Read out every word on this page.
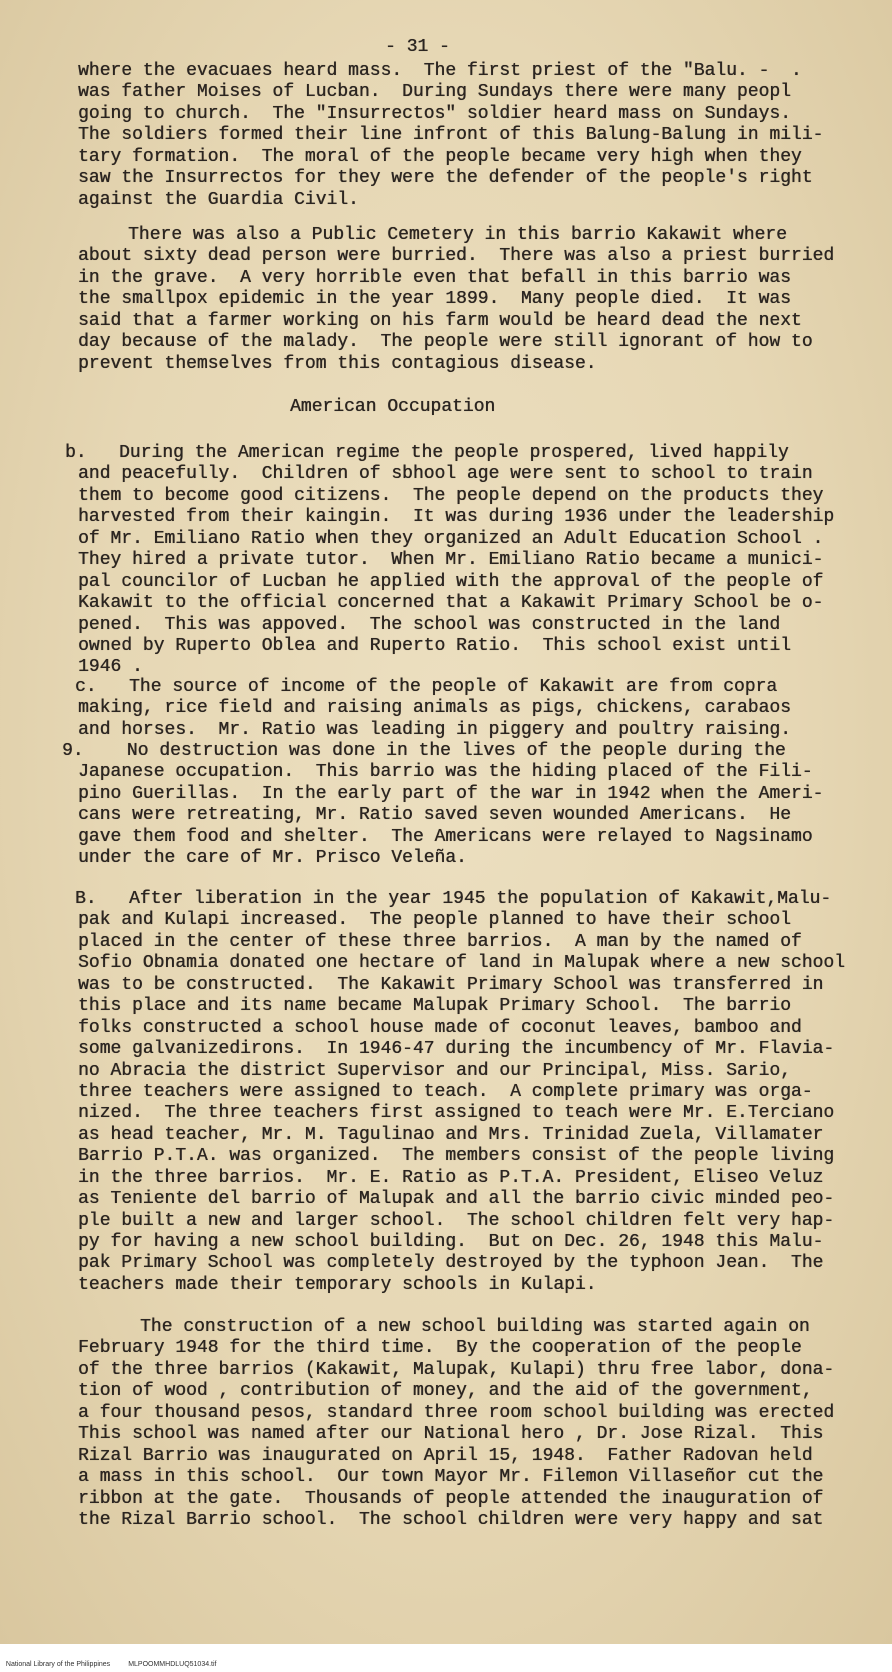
- 31 -
where the evacuaes heard mass.  The first priest of the "Balu. -  .
was father Moises of Lucban.  During Sundays there were many peopl
going to church.  The "Insurrectos" soldier heard mass on Sundays.
The soldiers formed their line infront of this Balung-Balung in mili-
tary formation.  The moral of the people became very high when they
saw the Insurrectos for they were the defender of the people's right
against the Guardia Civil.
There was also a Public Cemetery in this barrio Kakawit where
about sixty dead person were burried.  There was also a priest burried
in the grave.  A very horrible even that befall in this barrio was
the smallpox epidemic in the year 1899.  Many people died.  It was
said that a farmer working on his farm would be heard dead the next
day because of the malady.  The people were still ignorant of how to
prevent themselves from this contagious disease.
American Occupation
b.   During the American regime the people prospered, lived happily
and peacefully.  Children of sbhool age were sent to school to train
them to become good citizens.  The people depend on the products they
harvested from their kaingin.  It was during 1936 under the leadership
of Mr. Emiliano Ratio when they organized an Adult Education School .
They hired a private tutor.  When Mr. Emiliano Ratio became a munici-
pal councilor of Lucban he applied with the approval of the people of
Kakawit to the official concerned that a Kakawit Primary School be o-
pened.  This was appoved.  The school was constructed in the land
owned by Ruperto Oblea and Ruperto Ratio.  This school exist until
1946 .
c.   The source of income of the people of Kakawit are from copra
making, rice field and raising animals as pigs, chickens, carabaos
and horses.  Mr. Ratio was leading in piggery and poultry raising.
9.    No destruction was done in the lives of the people during the
Japanese occupation.  This barrio was the hiding placed of the Fili-
pino Guerillas.  In the early part of the war in 1942 when the Ameri-
cans were retreating, Mr. Ratio saved seven wounded Americans.  He
gave them food and shelter.  The Americans were relayed to Nagsinamo
under the care of Mr. Prisco Veleña.
B.   After liberation in the year 1945 the population of Kakawit,Malu-
pak and Kulapi increased.  The people planned to have their school
placed in the center of these three barrios.  A man by the named of
Sofio Obnamia donated one hectare of land in Malupak where a new school
was to be constructed.  The Kakawit Primary School was transferred in
this place and its name became Malupak Primary School.  The barrio
folks constructed a school house made of coconut leaves, bamboo and
some galvanizedirons.  In 1946-47 during the incumbency of Mr. Flavia-
no Abracia the district Supervisor and our Principal, Miss. Sario,
three teachers were assigned to teach.  A complete primary was orga-
nized.  The three teachers first assigned to teach were Mr. E.Terciano
as head teacher, Mr. M. Tagulinao and Mrs. Trinidad Zuela, Villamater
Barrio P.T.A. was organized.  The members consist of the people living
in the three barrios.  Mr. E. Ratio as P.T.A. President, Eliseo Veluz
as Teniente del barrio of Malupak and all the barrio civic minded peo-
ple built a new and larger school.  The school children felt very hap-
py for having a new school building.  But on Dec. 26, 1948 this Malu-
pak Primary School was completely destroyed by the typhoon Jean.  The
teachers made their temporary schools in Kulapi.
The construction of a new school building was started again on
February 1948 for the third time.  By the cooperation of the people
of the three barrios (Kakawit, Malupak, Kulapi) thru free labor, dona-
tion of wood , contribution of money, and the aid of the government,
a four thousand pesos, standard three room school building was erected
This school was named after our National hero , Dr. Jose Rizal.  This
Rizal Barrio was inaugurated on April 15, 1948.  Father Radovan held
a mass in this school.  Our town Mayor Mr. Filemon Villaseñor cut the
ribbon at the gate.  Thousands of people attended the inauguration of
the Rizal Barrio school.  The school children were very happy and sat

National Library of the Philippines	MLPOOMMHDLUQ51034.tif
